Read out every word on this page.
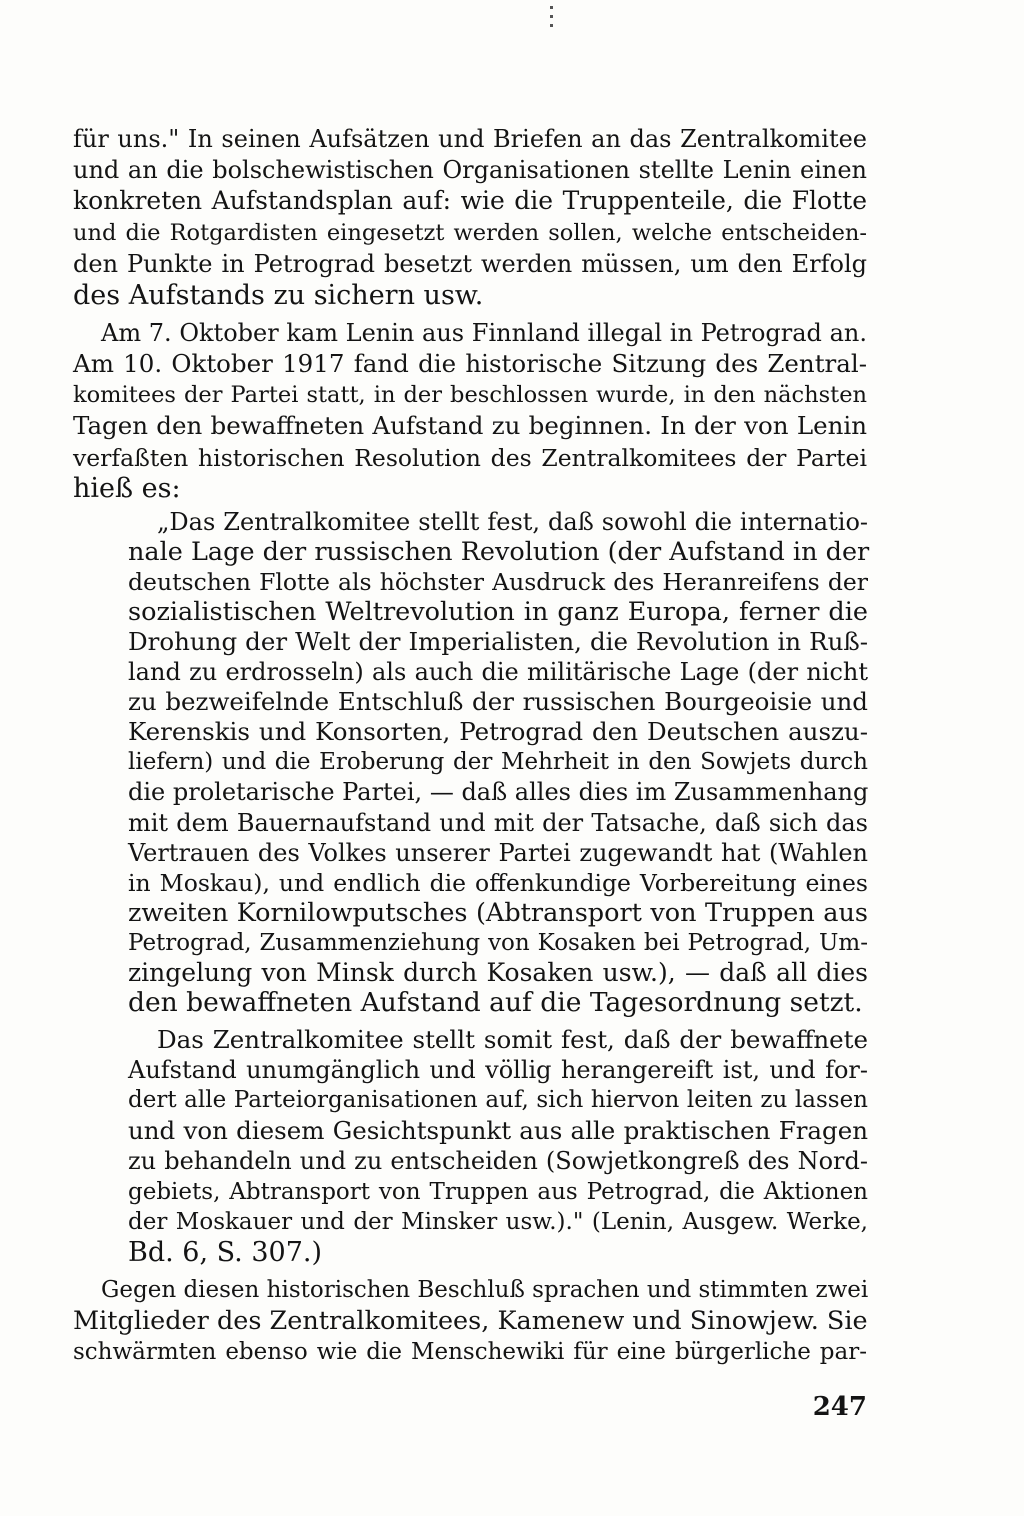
für uns." In seinen Aufsätzen und Briefen an das Zentralkomitee
und an die bolschewistischen Organisationen stellte Lenin einen
konkreten Aufstandsplan auf: wie die Truppenteile, die Flotte
und die Rotgardisten eingesetzt werden sollen, welche entscheiden-
den Punkte in Petrograd besetzt werden müssen, um den Erfolg
des Aufstands zu sichern usw.
Am 7. Oktober kam Lenin aus Finnland illegal in Petrograd an.
Am 10. Oktober 1917 fand die historische Sitzung des Zentral-
komitees der Partei statt, in der beschlossen wurde, in den nächsten
Tagen den bewaffneten Aufstand zu beginnen. In der von Lenin
verfaßten historischen Resolution des Zentralkomitees der Partei
hieß es:
„Das Zentralkomitee stellt fest, daß sowohl die internatio-
nale Lage der russischen Revolution (der Aufstand in der
deutschen Flotte als höchster Ausdruck des Heranreifens der
sozialistischen Weltrevolution in ganz Europa, ferner die
Drohung der Welt der Imperialisten, die Revolution in Ruß-
land zu erdrosseln) als auch die militärische Lage (der nicht
zu bezweifelnde Entschluß der russischen Bourgeoisie und
Kerenskis und Konsorten, Petrograd den Deutschen auszu-
liefern) und die Eroberung der Mehrheit in den Sowjets durch
die proletarische Partei, — daß alles dies im Zusammenhang
mit dem Bauernaufstand und mit der Tatsache, daß sich das
Vertrauen des Volkes unserer Partei zugewandt hat (Wahlen
in Moskau), und endlich die offenkundige Vorbereitung eines
zweiten Kornilowputsches (Abtransport von Truppen aus
Petrograd, Zusammenziehung von Kosaken bei Petrograd, Um-
zingelung von Minsk durch Kosaken usw.), — daß all dies
den bewaffneten Aufstand auf die Tagesordnung setzt.
Das Zentralkomitee stellt somit fest, daß der bewaffnete
Aufstand unumgänglich und völlig herangereift ist, und for-
dert alle Parteiorganisationen auf, sich hiervon leiten zu lassen
und von diesem Gesichtspunkt aus alle praktischen Fragen
zu behandeln und zu entscheiden (Sowjetkongreß des Nord-
gebiets, Abtransport von Truppen aus Petrograd, die Aktionen
der Moskauer und der Minsker usw.)." (Lenin, Ausgew. Werke,
Bd. 6, S. 307.)
Gegen diesen historischen Beschluß sprachen und stimmten zwei
Mitglieder des Zentralkomitees, Kamenew und Sinowjew. Sie
schwärmten ebenso wie die Menschewiki für eine bürgerliche par-
247
